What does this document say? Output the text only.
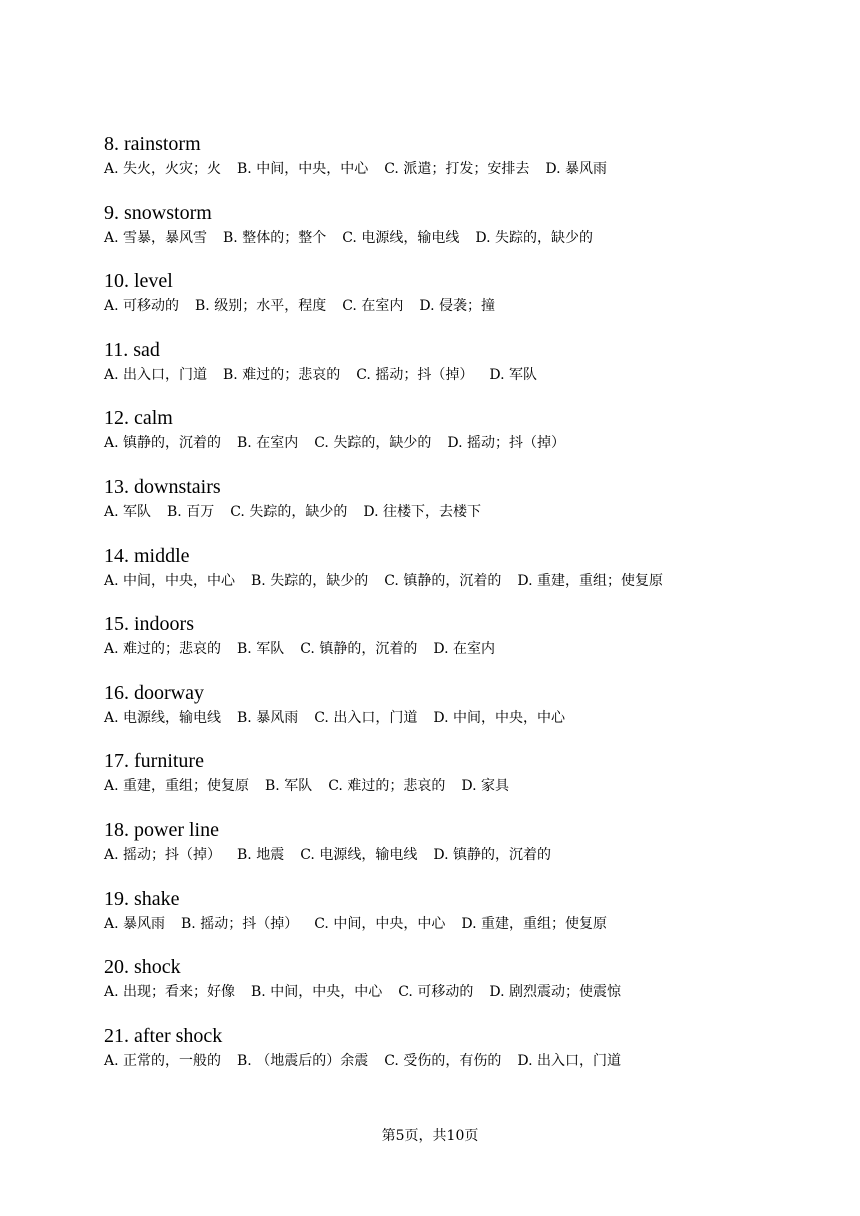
8. rainstorm
A. 失火，火灾；火 B. 中间，中央，中心 C. 派遣；打发；安排去 D. 暴风雨
9. snowstorm
A. 雪暴，暴风雪 B. 整体的；整个 C. 电源线，输电线 D. 失踪的，缺少的
10. level
A. 可移动的 B. 级别；水平，程度 C. 在室内 D. 侵袭；撞
11. sad
A. 出入口，门道 B. 难过的；悲哀的 C. 摇动；抖（掉） D. 军队
12. calm
A. 镇静的，沉着的 B. 在室内 C. 失踪的，缺少的 D. 摇动；抖（掉）
13. downstairs
A. 军队 B. 百万 C. 失踪的，缺少的 D. 往楼下，去楼下
14. middle
A. 中间，中央，中心 B. 失踪的，缺少的 C. 镇静的，沉着的 D. 重建，重组；使复原
15. indoors
A. 难过的；悲哀的 B. 军队 C. 镇静的，沉着的 D. 在室内
16. doorway
A. 电源线，输电线 B. 暴风雨 C. 出入口，门道 D. 中间，中央，中心
17. furniture
A. 重建，重组；使复原 B. 军队 C. 难过的；悲哀的 D. 家具
18. power line
A. 摇动；抖（掉） B. 地震 C. 电源线，输电线 D. 镇静的，沉着的
19. shake
A. 暴风雨 B. 摇动；抖（掉） C. 中间，中央，中心 D. 重建，重组；使复原
20. shock
A. 出现；看来；好像 B. 中间，中央，中心 C. 可移动的 D. 剧烈震动；使震惊
21. after shock
A. 正常的，一般的 B. （地震后的）余震 C. 受伤的，有伤的 D. 出入口，门道
第5页，共10页
